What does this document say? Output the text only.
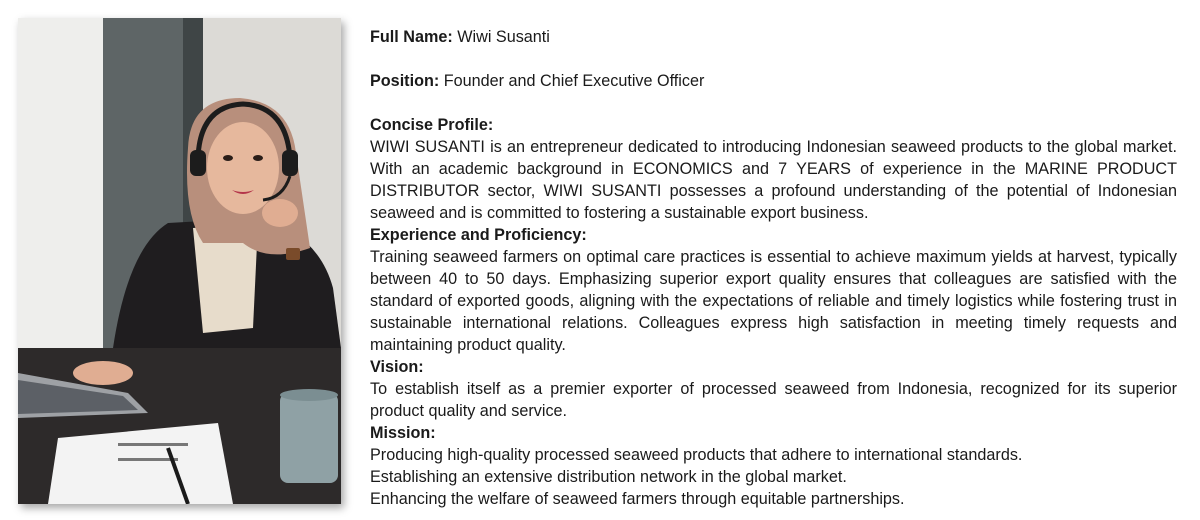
Full Name: Wiwi Susanti

Position: Founder and Chief Executive Officer

Concise Profile:

WIWI SUSANTI is an entrepreneur dedicated to introducing Indonesian seaweed products to the global market. With an academic background in ECONOMICS and 7 YEARS of experience in the MARINE PRODUCT DISTRIBUTOR sector, WIWI SUSANTI possesses a profound understanding of the potential of Indonesian seaweed and is committed to fostering a sustainable export business.

Experience and Proficiency:

Training seaweed farmers on optimal care practices is essential to achieve maximum yields at harvest, typically between 40 to 50 days. Emphasizing superior export quality ensures that colleagues are satisfied with the standard of exported goods, aligning with the expectations of reliable and timely logistics while fostering trust in sustainable international relations. Colleagues express high satisfaction in meeting timely requests and maintaining product quality.

Vision:

To establish itself as a premier exporter of processed seaweed from Indonesia, recognized for its superior product quality and service.

Mission:
Producing high-quality processed seaweed products that adhere to international standards.
Establishing an extensive distribution network in the global market.
Enhancing the welfare of seaweed farmers through equitable partnerships.
